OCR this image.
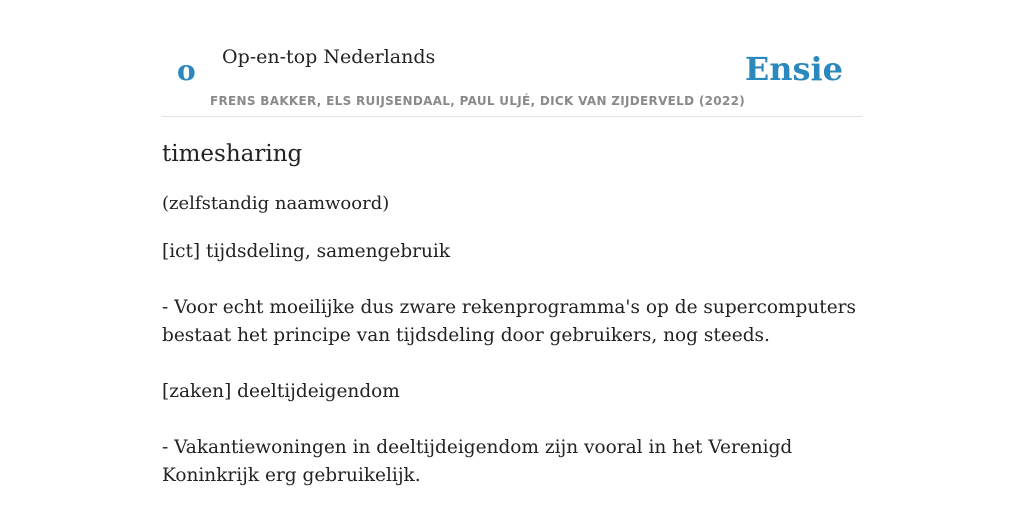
o Op-en-top Nederlands
FRENS BAKKER, ELS RUIJSENDAAL, PAUL ULJÉ, DICK VAN ZIJDERVELD (2022)
Ensie
timesharing

(zelfstandig naamwoord)

[ict] tijdsdeling, samengebruik

- Voor echt moeilijke dus zware rekenprogramma's op de supercomputers bestaat het principe van tijdsdeling door gebruikers, nog steeds.

[zaken] deeltijdeigendom

- Vakantiewoningen in deeltijdeigendom zijn vooral in het Verenigd Koninkrijk erg gebruikelijk.
